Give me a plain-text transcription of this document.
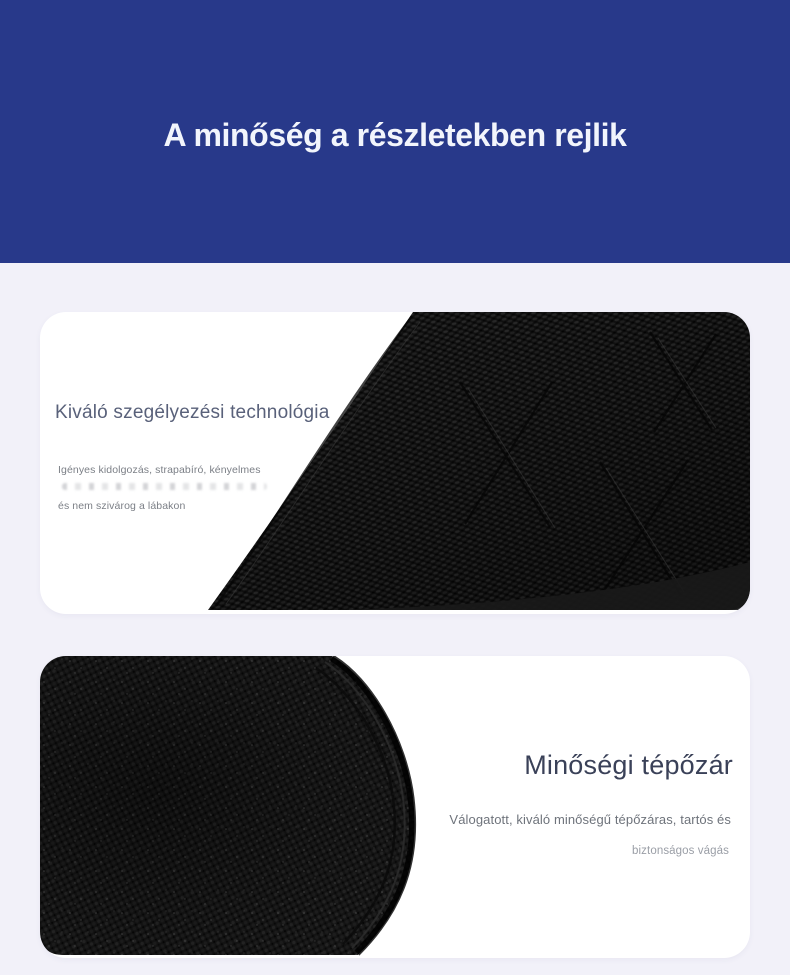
A minőség a részletekben rejlik
Kiváló szegélyezési technológia
Igényes kidolgozás, strapabíró, kényelmes
és nem szivárog a lábakon
Minőségi tépőzár
Válogatott, kiváló minőségű tépőzáras, tartós és
biztonságos vágás
